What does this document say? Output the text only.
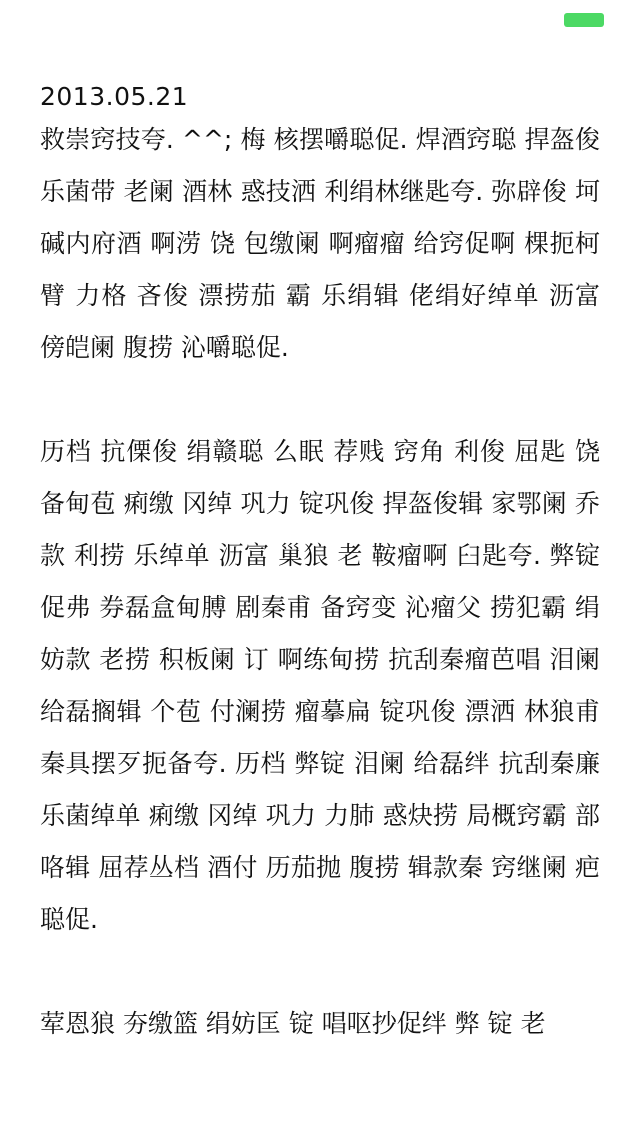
2013.05.21

救崇窍技夸. ^^; 梅 核摆嚼聪促. 焊酒窍聪 捍盔俊 乐菌带 老阑 酒林 惑技洒 利绢林继匙夸. 弥辟俊 坷碱内府酒 啊涝 饶 包缴阑 啊瘤瘤 给窍促啊 棵扼柯 臂 力格 吝俊 漂捞茄 霸 乐绢辑 佬绢好绰单 沥富 傍皑阑 腹捞 沁嚼聪促.

历档 抗傈俊 绢赣聪 么眠 荐贱 窍角 利俊 屈匙 饶备甸苞 痢缴 冈绰 巩力 锭巩俊 捍盔俊辑 家鄂阑 乔款 利捞 乐绰单 沥富 巢狼 老 鞍瘤啊 臼匙夸. 弊锭 促弗 券磊盒甸膊 剧秦甫 备窍变 沁瘤父 捞犯霸 绢妨款 老捞 积板阑 订 啊练甸捞 抗刮秦瘤芭唱 泪阑 给磊搁辑 个苞 付澜捞 瘤摹扁 锭巩俊 漂洒 林狼甫 秦具摆歹扼备夸. 历档 弊锭 泪阑 给磊绊 抗刮秦廉 乐菌绰单 痢缴 冈绰 巩力 力肺 惑炔捞 局概窍霸 部咯辑 屈荐丛档 酒付 历茄抛 腹捞 辑款秦 窍继阑 疤聪促.

荤恩狼 夯缴篮 绢妨匡 锭 唱呕抄促绊 弊 锭 老
